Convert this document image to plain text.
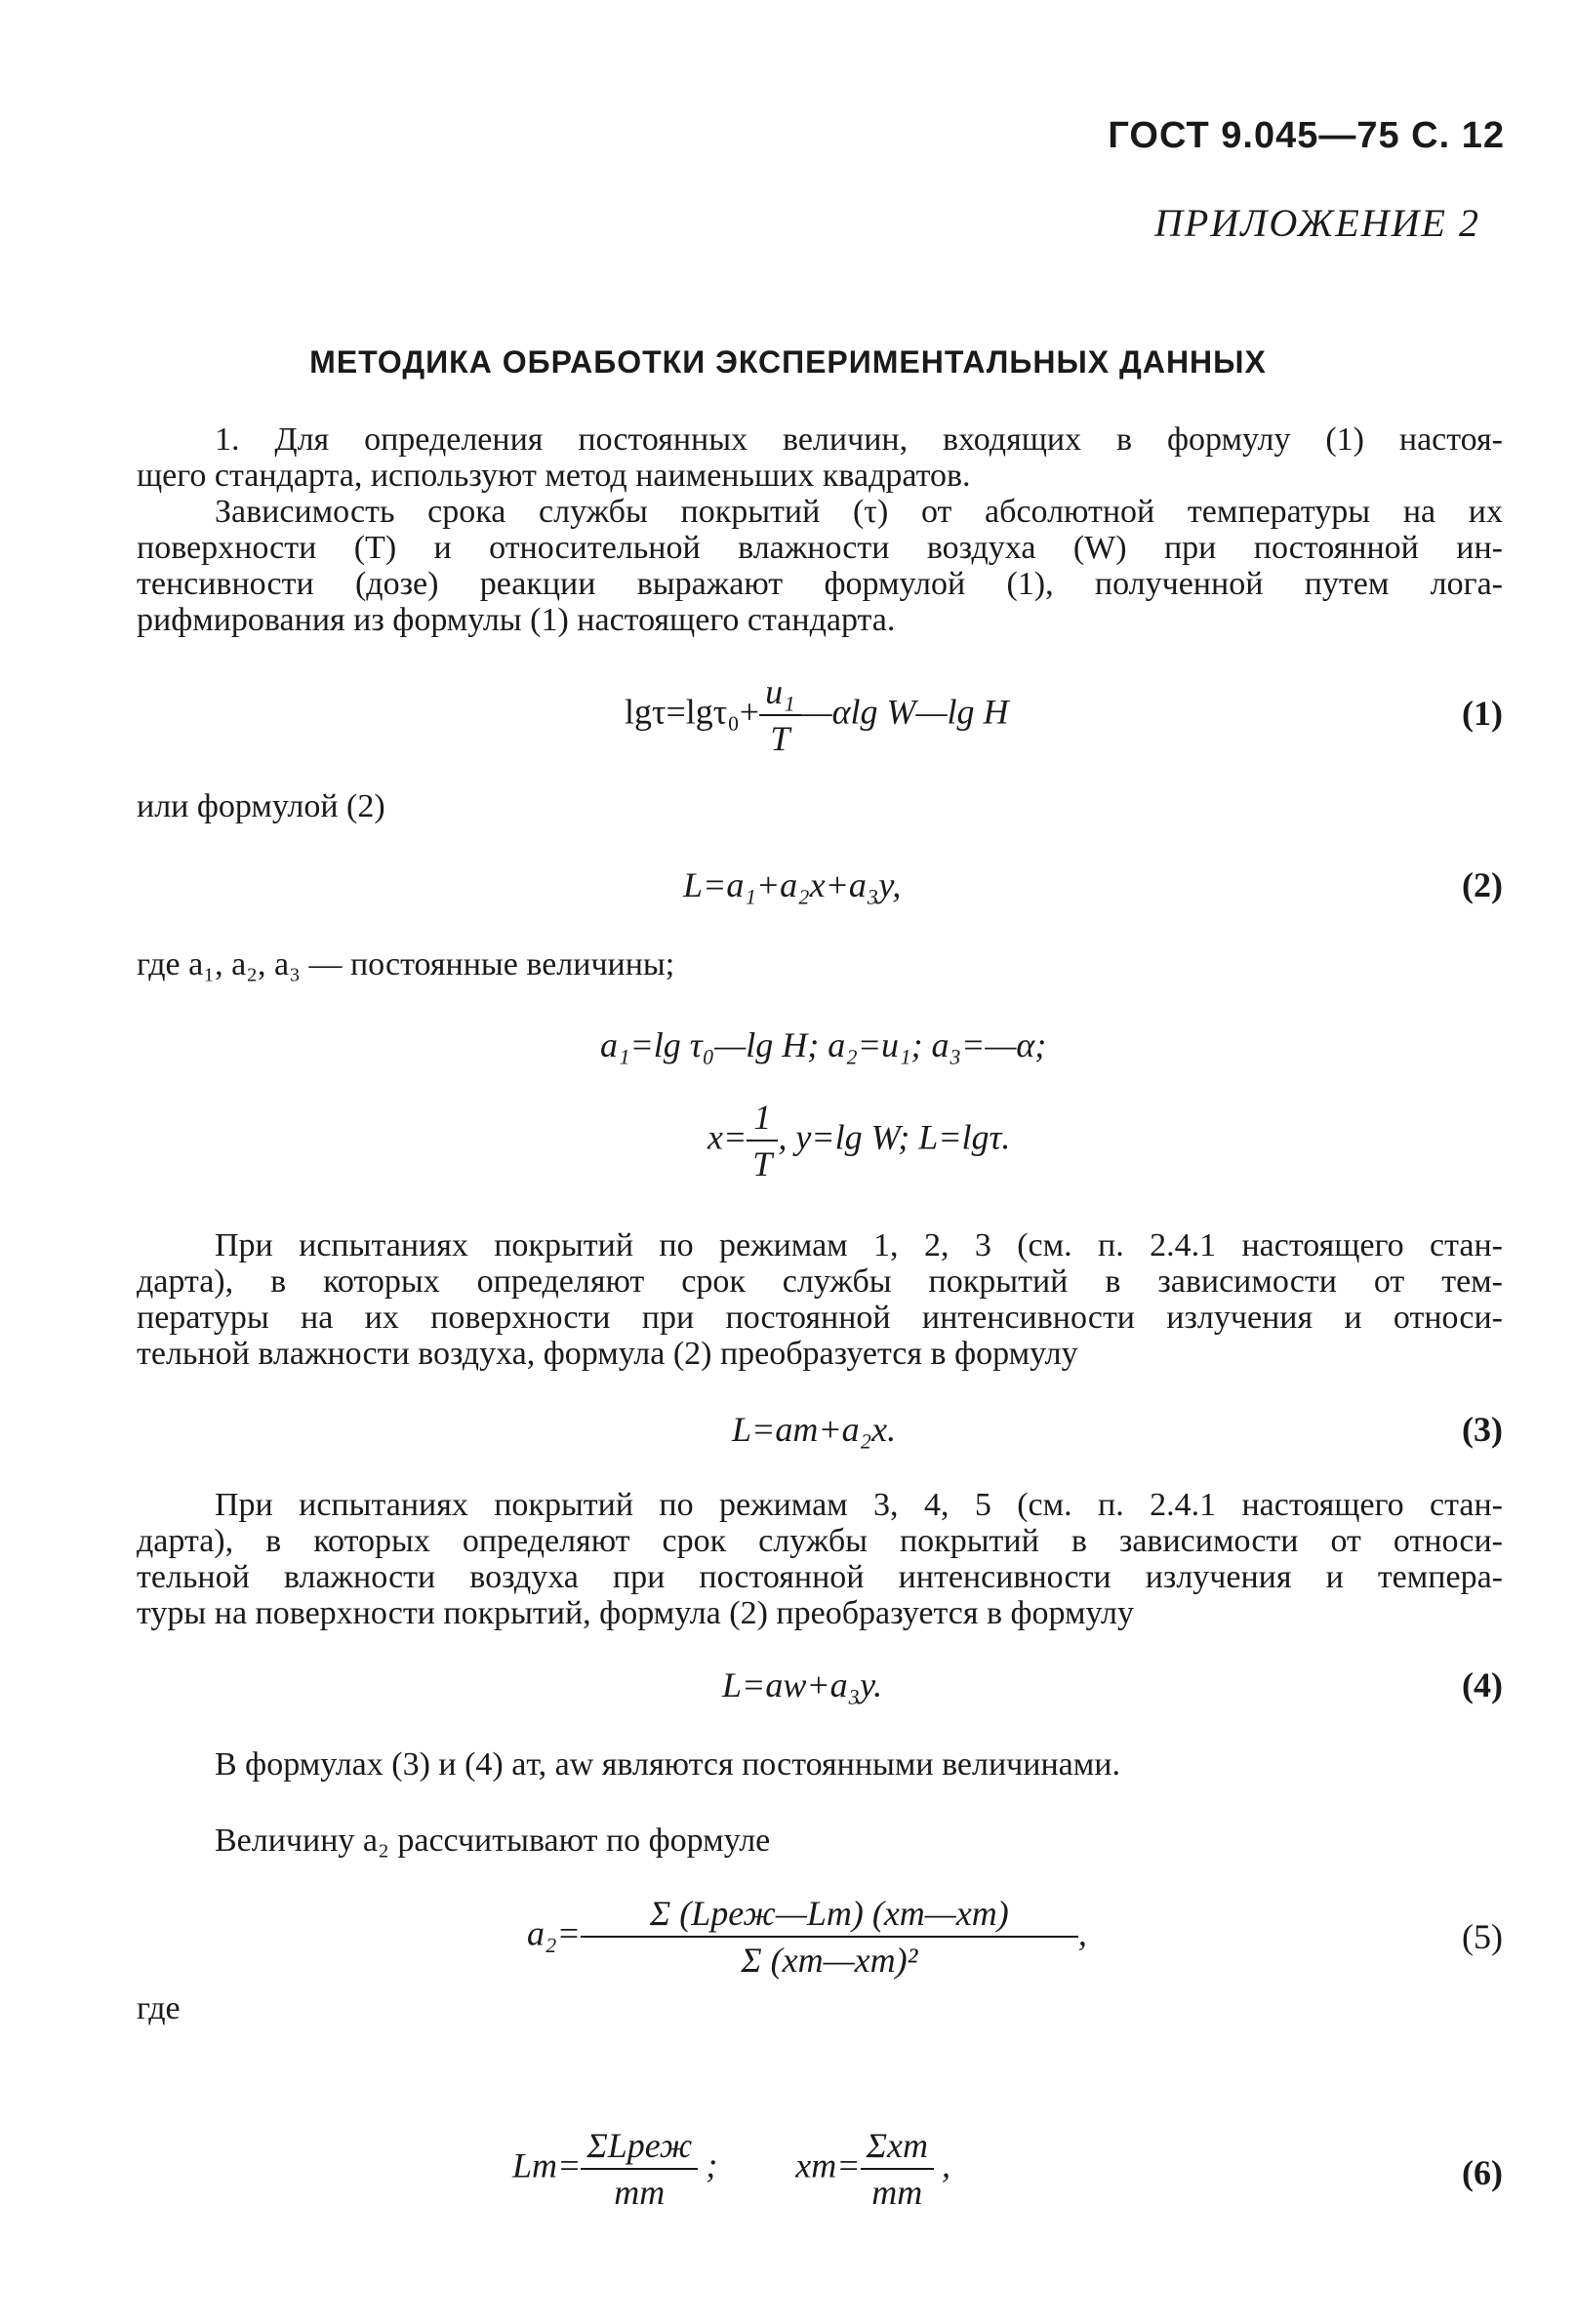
ГОСТ 9.045—75 С. 12
ПРИЛОЖЕНИЕ 2
МЕТОДИКА ОБРАБОТКИ ЭКСПЕРИМЕНТАЛЬНЫХ ДАННЫХ
1. Для определения постоянных величин, входящих в формулу (1) настоя-
щего стандарта, используют метод наименьших квадратов.
Зависимость срока службы покрытий (τ) от абсолютной температуры на их
поверхности (T) и относительной влажности воздуха (W) при постоянной ин-
тенсивности (дозе) реакции выражают формулой (1), полученной путем лога-
рифмирования из формулы (1) настоящего стандарта.
$\lg\tau=\lg\tau_0+ \frac{\text{u₁}}{T}$ —αlg W—lg H	(1)
или формулой (2)
L=a₁+a₂x+a₃y,	(2)
где a₁, a₂, a₃ — постоянные величины;
a₁=lg τ₀—lg H; a₂=u₁; a₃=—α;
$x= \frac{1}{T}$ , y=lg W; L=lgτ.
При испытаниях покрытий по режимам 1, 2, 3 (см. п. 2.4.1 настоящего стан-
дарта), в которых определяют срок службы покрытий в зависимости от тем-
пературы на их поверхности при постоянной интенсивности излучения и относи-
тельной влажности воздуха, формула (2) преобразуется в формулу
L=aт+a₂x.	(3)
При испытаниях покрытий по режимам 3, 4, 5 (см. п. 2.4.1 настоящего стан-
дарта), в которых определяют срок службы покрытий в зависимости от относи-
тельной влажности воздуха при постоянной интенсивности излучения и темпера-
туры на поверхности покрытий, формула (2) преобразуется в формулу
L=aw+a₃y.	(4)
В формулах (3) и (4) aт, aw являются постоянными величинами.
Величину a₂ рассчитывают по формуле
$a_2= \frac{\text{Σ (Lреж—Lт) (xт—xт)}}{\text{Σ (xт—xт)²}}$ ,	(5)
где
$Lт= \frac{\text{ΣLреж}}{mт}$ ; $xт= \frac{\text{Σxт}}{mт}$ ,	(6)
